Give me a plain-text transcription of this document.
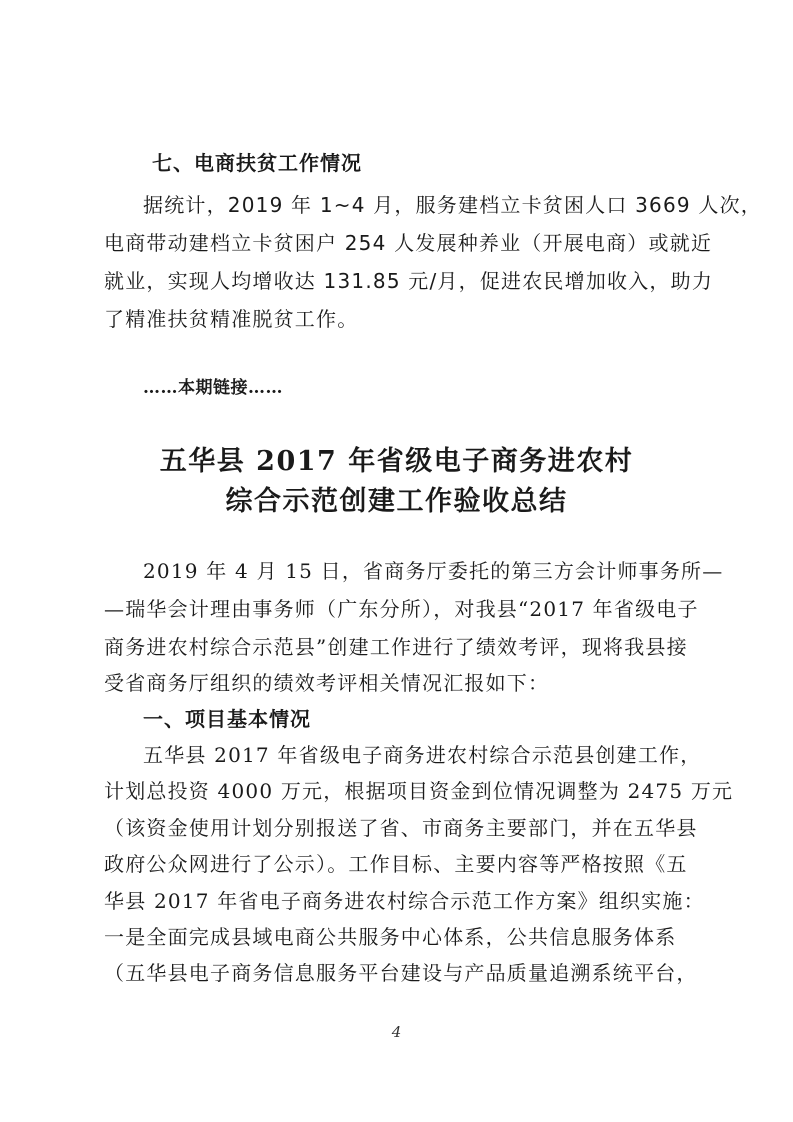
七、电商扶贫工作情况
据统计，2019 年 1~4 月，服务建档立卡贫困人口 3669 人次，
电商带动建档立卡贫困户 254 人发展种养业（开展电商）或就近
就业，实现人均增收达 131.85 元/月，促进农民增加收入，助力
了精准扶贫精准脱贫工作。
……本期链接……
五华县 2017 年省级电子商务进农村
综合示范创建工作验收总结
2019 年 4 月 15 日，省商务厅委托的第三方会计师事务所—
—瑞华会计理由事务师（广东分所），对我县“2017 年省级电子
商务进农村综合示范县”创建工作进行了绩效考评，现将我县接
受省商务厅组织的绩效考评相关情况汇报如下：
一、项目基本情况
五华县 2017 年省级电子商务进农村综合示范县创建工作，
计划总投资 4000 万元，根据项目资金到位情况调整为 2475 万元
（该资金使用计划分别报送了省、市商务主要部门，并在五华县
政府公众网进行了公示）。工作目标、主要内容等严格按照《五
华县 2017 年省电子商务进农村综合示范工作方案》组织实施：
一是全面完成县域电商公共服务中心体系，公共信息服务体系
（五华县电子商务信息服务平台建设与产品质量追溯系统平台，
4
